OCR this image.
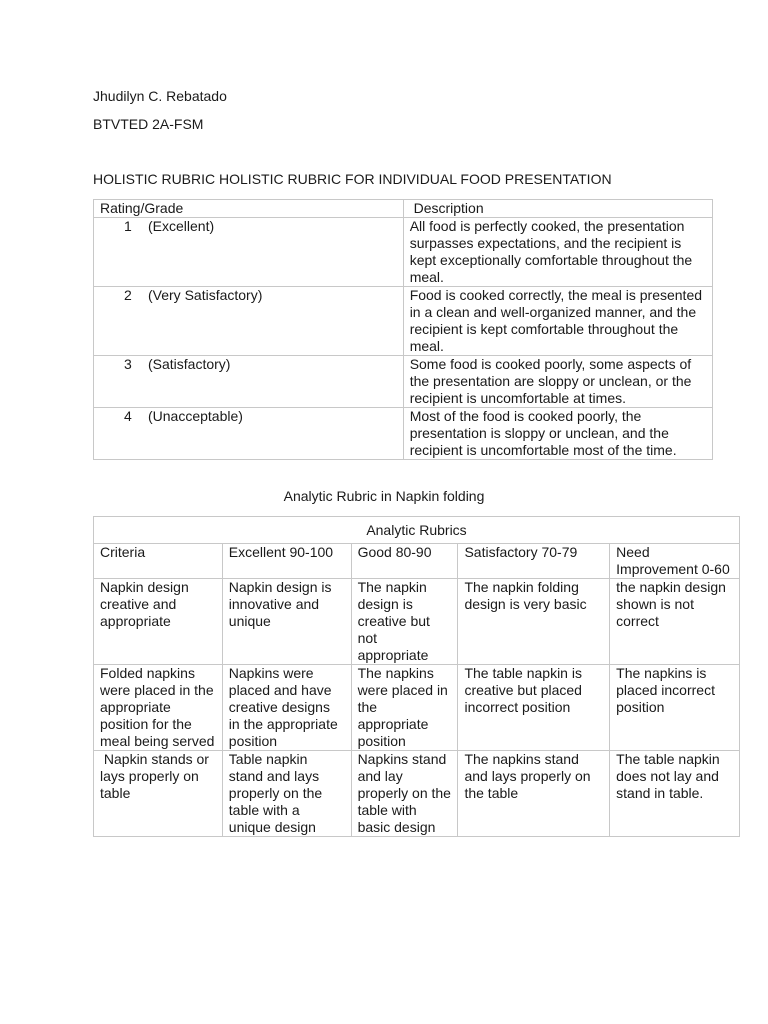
Jhudilyn C. Rebatado
BTVTED 2A-FSM
HOLISTIC RUBRIC HOLISTIC RUBRIC FOR INDIVIDUAL FOOD PRESENTATION
Rating/Grade	Description
1 (Excellent)	All food is perfectly cooked, the presentation surpasses expectations, and the recipient is kept exceptionally comfortable throughout the meal.
2 (Very Satisfactory)	Food is cooked correctly, the meal is presented in a clean and well-organized manner, and the recipient is kept comfortable throughout the meal.
3 (Satisfactory)	Some food is cooked poorly, some aspects of the presentation are sloppy or unclean, or the recipient is uncomfortable at times.
4 (Unacceptable)	Most of the food is cooked poorly, the presentation is sloppy or unclean, and the recipient is uncomfortable most of the time.
Analytic Rubric in Napkin folding
Analytic Rubrics				
Criteria	Excellent 90-100	Good 80-90	Satisfactory 70-79	Need Improvement 0-60
Napkin design creative and appropriate	Napkin design is innovative and unique	The napkin design is creative but not appropriate	The napkin folding design is very basic	the napkin design shown is not correct
Folded napkins were placed in the appropriate position for the meal being served	Napkins were placed and have creative designs in the appropriate position	The napkins were placed in the appropriate position	The table napkin is creative but placed incorrect position	The napkins is placed incorrect position
Napkin stands or lays properly on table	Table napkin stand and lays properly on the table with a unique design	Napkins stand and lay properly on the table with basic design	The napkins stand and lays properly on the table	The table napkin does not lay and stand in table.
